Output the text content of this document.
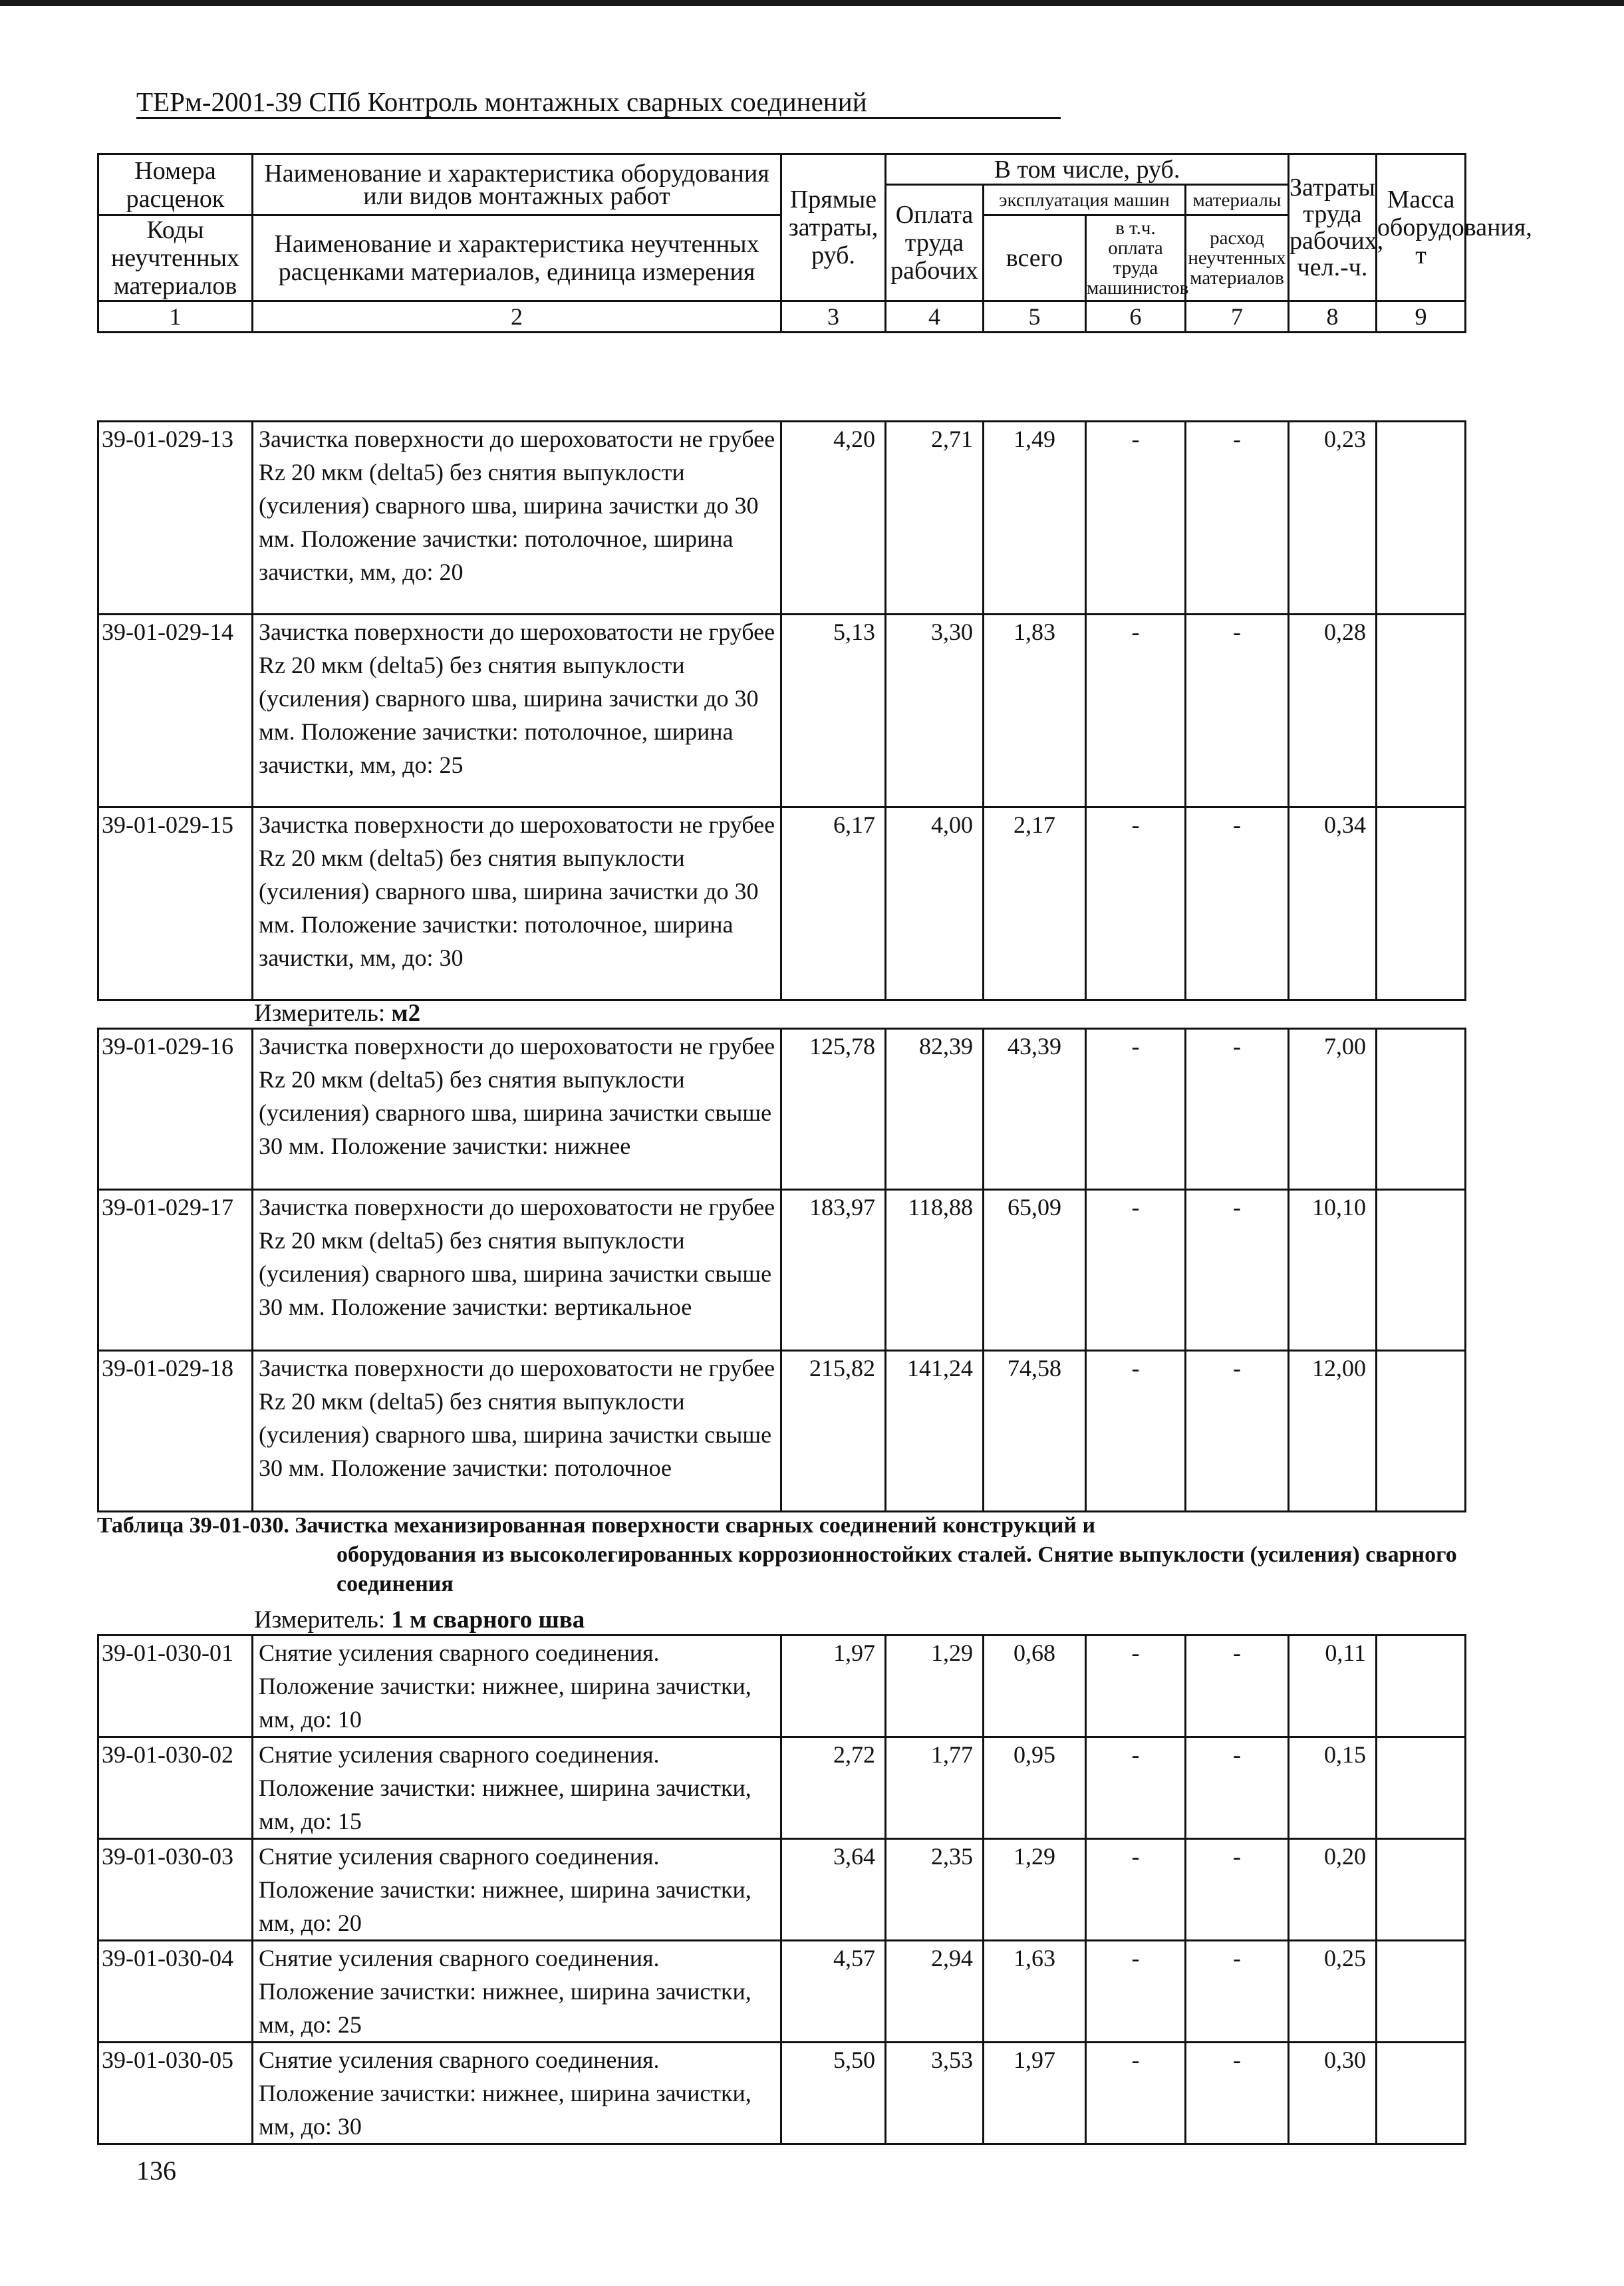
ТЕРм-2001-39 СПб Контроль монтажных сварных соединений
Номера расценок	Наименование и характеристика оборудования или видов монтажных работ	Прямые затраты, руб.	В том числе, руб.				Затраты труда рабочих, чел.-ч.	Масса оборудования, т
			Оплата труда рабочих	эксплуатация машин		материалы		
Коды неучтенных материалов	Наименование и характеристика неучтенных расценками материалов, единица измерения			всего	в т.ч. оплата труда машинистов	расход неучтенных материалов		

1	2	3	4	5	6	7	8	9
39-01-029-13	Зачистка поверхности до шероховатости не грубее Rz 20 мкм (delta5) без снятия выпуклости (усиления) сварного шва, ширина зачистки до 30 мм. Положение зачистки: потолочное, ширина зачистки, мм, до: 20	4,20	2,71	1,49	-	-	0,23	
39-01-029-14	Зачистка поверхности до шероховатости не грубее Rz 20 мкм (delta5) без снятия выпуклости (усиления) сварного шва, ширина зачистки до 30 мм. Положение зачистки: потолочное, ширина зачистки, мм, до: 25	5,13	3,30	1,83	-	-	0,28	
39-01-029-15	Зачистка поверхности до шероховатости не грубее Rz 20 мкм (delta5) без снятия выпуклости (усиления) сварного шва, ширина зачистки до 30 мм. Положение зачистки: потолочное, ширина зачистки, мм, до: 30	6,17	4,00	2,17	-	-	0,34	
Измеритель: м2
39-01-029-16	Зачистка поверхности до шероховатости не грубее Rz 20 мкм (delta5) без снятия выпуклости (усиления) сварного шва, ширина зачистки свыше 30 мм. Положение зачистки: нижнее	125,78	82,39	43,39	-	-	7,00	
39-01-029-17	Зачистка поверхности до шероховатости не грубее Rz 20 мкм (delta5) без снятия выпуклости (усиления) сварного шва, ширина зачистки свыше 30 мм. Положение зачистки: вертикальное	183,97	118,88	65,09	-	-	10,10	
39-01-029-18	Зачистка поверхности до шероховатости не грубее Rz 20 мкм (delta5) без снятия выпуклости (усиления) сварного шва, ширина зачистки свыше 30 мм. Положение зачистки: потолочное	215,82	141,24	74,58	-	-	12,00	
Таблица 39-01-030. Зачистка механизированная поверхности сварных соединений конструкций и
оборудования из высоколегированных коррозионностойких сталей. Снятие выпуклости (усиления) сварного соединения
Измеритель: 1 м сварного шва
39-01-030-01	Снятие усиления сварного соединения. Положение зачистки: нижнее, ширина зачистки, мм, до: 10	1,97	1,29	0,68	-	-	0,11	
39-01-030-02	Снятие усиления сварного соединения. Положение зачистки: нижнее, ширина зачистки, мм, до: 15	2,72	1,77	0,95	-	-	0,15	
39-01-030-03	Снятие усиления сварного соединения. Положение зачистки: нижнее, ширина зачистки, мм, до: 20	3,64	2,35	1,29	-	-	0,20	
39-01-030-04	Снятие усиления сварного соединения. Положение зачистки: нижнее, ширина зачистки, мм, до: 25	4,57	2,94	1,63	-	-	0,25	
39-01-030-05	Снятие усиления сварного соединения. Положение зачистки: нижнее, ширина зачистки, мм, до: 30	5,50	3,53	1,97	-	-	0,30	
136
